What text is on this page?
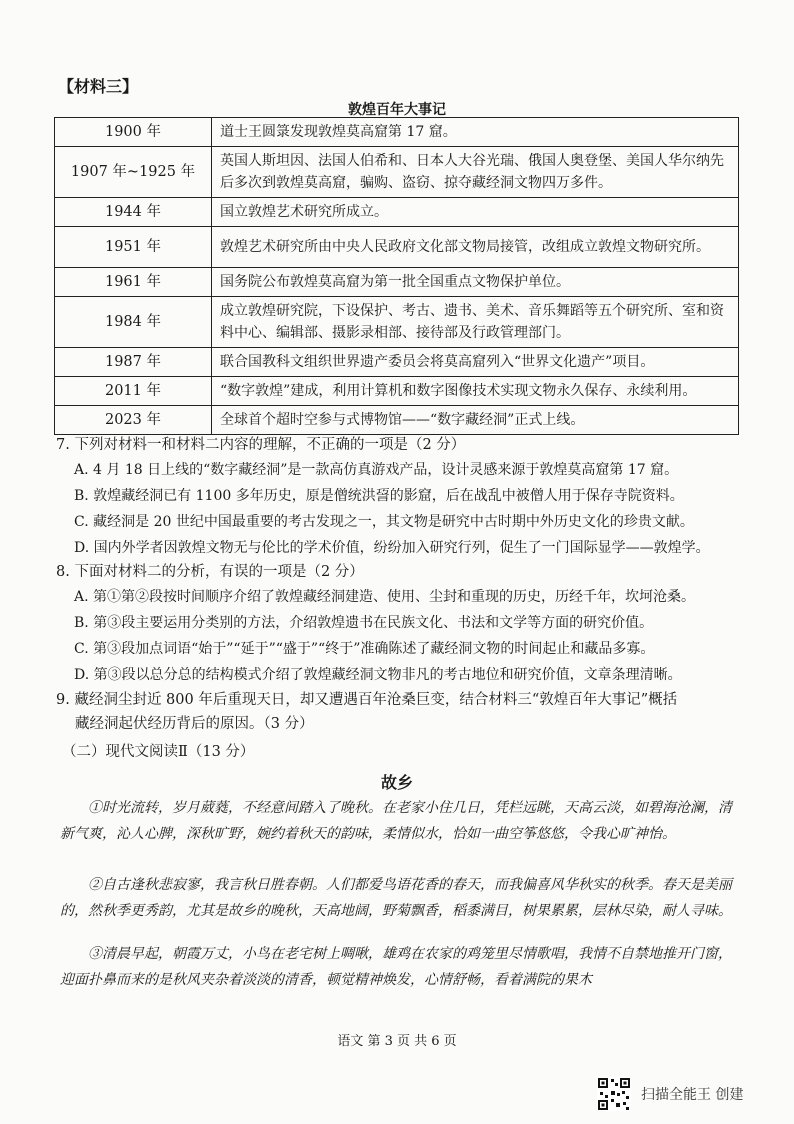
【材料三】
敦煌百年大事记
1900 年	道士王圆箓发现敦煌莫高窟第 17 窟。
1907 年~1925 年	英国人斯坦因、法国人伯希和、日本人大谷光瑞、俄国人奥登堡、美国人华尔纳先后多次到敦煌莫高窟，骗购、盗窃、掠夺藏经洞文物四万多件。
1944 年	国立敦煌艺术研究所成立。
1951 年	敦煌艺术研究所由中央人民政府文化部文物局接管，改组成立敦煌文物研究所。
1961 年	国务院公布敦煌莫高窟为第一批全国重点文物保护单位。
1984 年	成立敦煌研究院，下设保护、考古、遗书、美术、音乐舞蹈等五个研究所、室和资料中心、编辑部、摄影录相部、接待部及行政管理部门。
1987 年	联合国教科文组织世界遗产委员会将莫高窟列入“世界文化遗产”项目。
2011 年	“数字敦煌”建成，利用计算机和数字图像技术实现文物永久保存、永续利用。
2023 年	全球首个超时空参与式博物馆——“数字藏经洞”正式上线。
7. 下列对材料一和材料二内容的理解，不正确的一项是（2 分）
A. 4 月 18 日上线的“数字藏经洞”是一款高仿真游戏产品，设计灵感来源于敦煌莫高窟第 17 窟。
B. 敦煌藏经洞已有 1100 多年历史，原是僧统洪䛒的影窟，后在战乱中被僧人用于保存寺院资料。
C. 藏经洞是 20 世纪中国最重要的考古发现之一，其文物是研究中古时期中外历史文化的珍贵文献。
D. 国内外学者因敦煌文物无与伦比的学术价值，纷纷加入研究行列，促生了一门国际显学——敦煌学。
8. 下面对材料二的分析，有误的一项是（2 分）
A. 第①第②段按时间顺序介绍了敦煌藏经洞建造、使用、尘封和重现的历史，历经千年，坎坷沧桑。
B. 第③段主要运用分类别的方法，介绍敦煌遗书在民族文化、书法和文学等方面的研究价值。
C. 第③段加点词语“始于”“延于”“盛于”“终于”准确陈述了藏经洞文物的时间起止和藏品多寡。
D. 第③段以总分总的结构模式介绍了敦煌藏经洞文物非凡的考古地位和研究价值，文章条理清晰。
9. 藏经洞尘封近 800 年后重现天日，却又遭遇百年沧桑巨变，结合材料三“敦煌百年大事记”概括
藏经洞起伏经历背后的原因。（3 分）
（二）现代文阅读Ⅱ（13 分）
故乡
①时光流转，岁月葳蕤，不经意间踏入了晚秋。在老家小住几日，凭栏远眺，天高云淡，如碧海沧澜，清新气爽，沁人心脾，深秋旷野，婉约着秋天的韵味，柔情似水，恰如一曲空筝悠悠，令我心旷神怡。
②自古逢秋悲寂寥，我言秋日胜春朝。人们都爱鸟语花香的春天，而我偏喜风华秋实的秋季。春天是美丽的，然秋季更秀韵，尤其是故乡的晚秋，天高地阔，野菊飘香，稻黍满目，树果累累，层林尽染，耐人寻味。
③清晨早起，朝霞万丈，小鸟在老宅树上啁啾，雄鸡在农家的鸡笼里尽情歌唱，我情不自禁地推开门窗，迎面扑鼻而来的是秋风夹杂着淡淡的清香，顿觉精神焕发，心情舒畅，看着满院的果木
语文 第 3 页 共 6 页
扫描全能王 创建
